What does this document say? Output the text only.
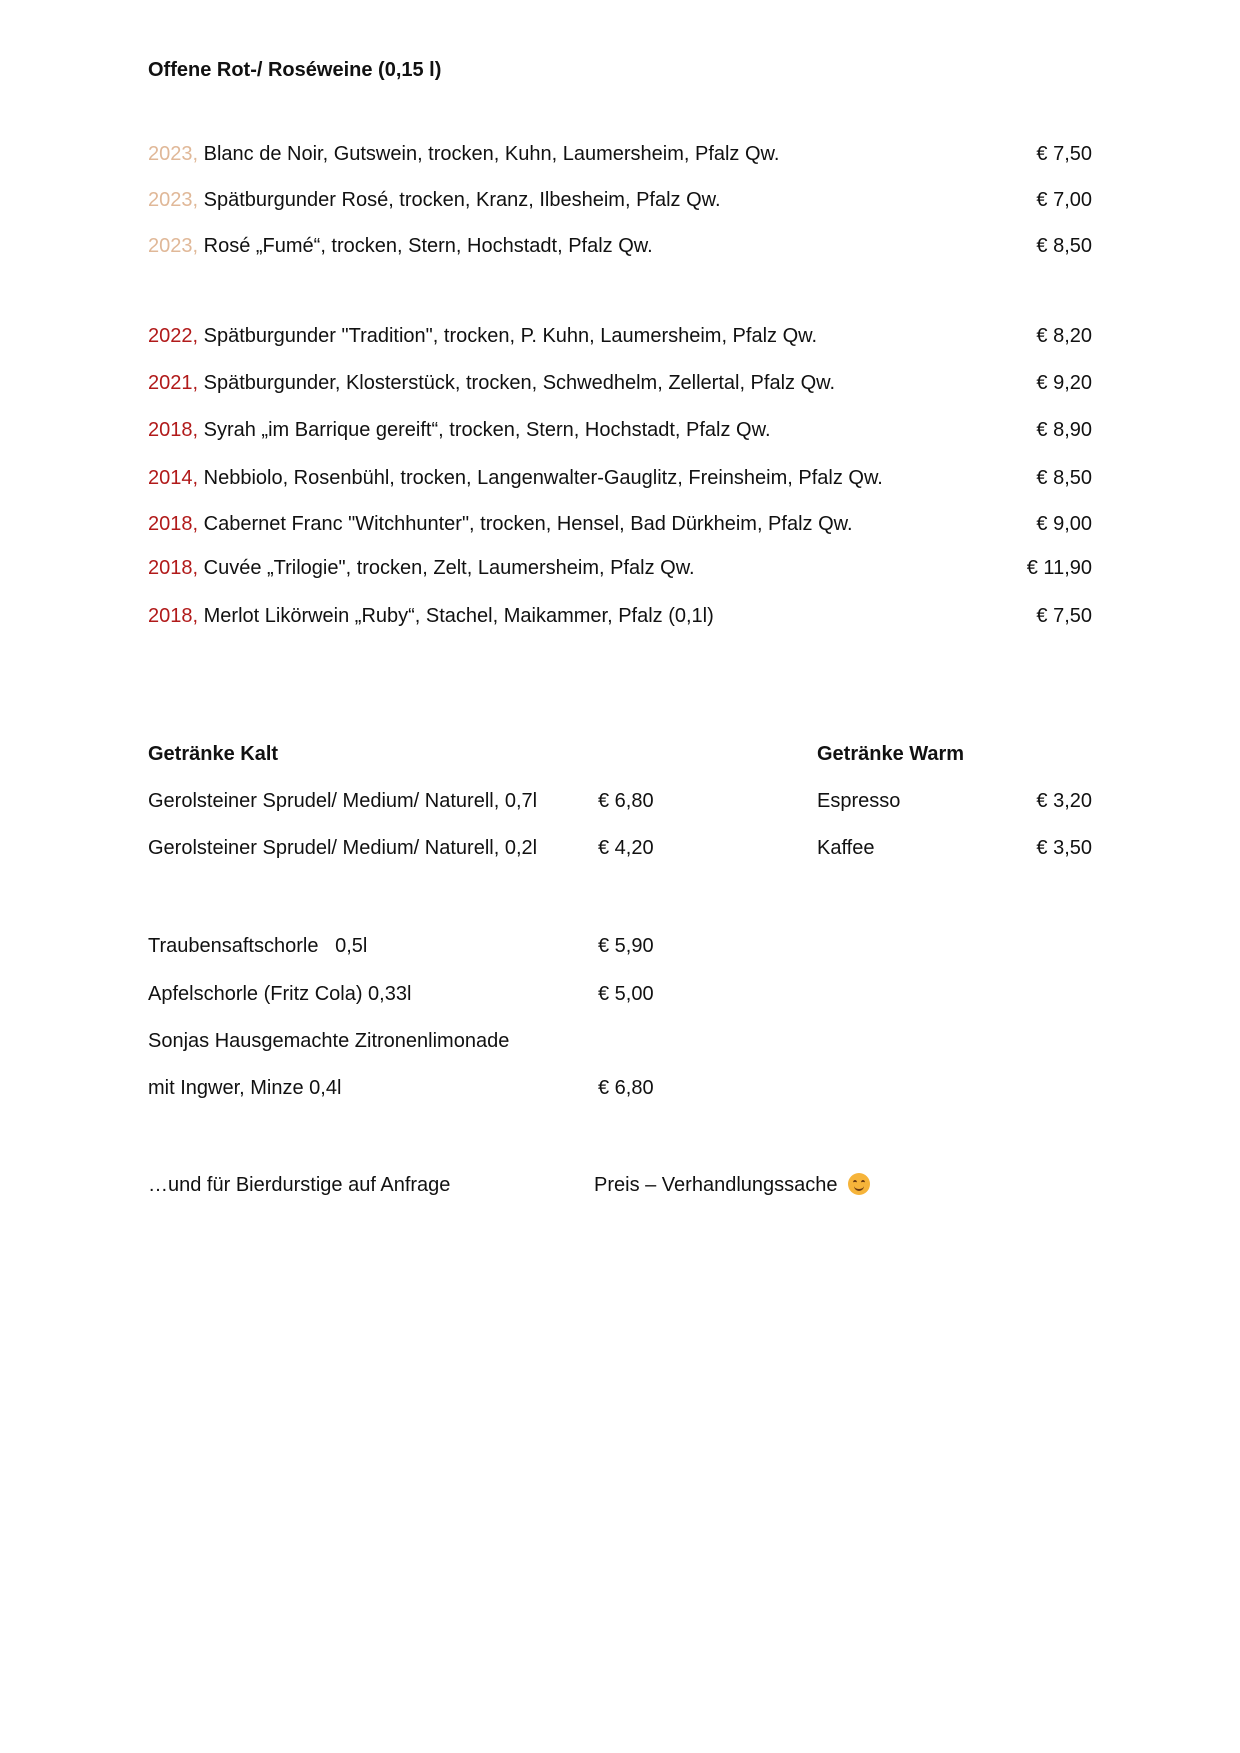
Offene Rot-/ Roséweine (0,15 l)
2023, Blanc de Noir, Gutswein, trocken, Kuhn, Laumersheim, Pfalz Qw.	€ 7,50
2023, Spätburgunder Rosé, trocken, Kranz, Ilbesheim, Pfalz Qw.	€ 7,00
2023, Rosé „Fumé“, trocken, Stern, Hochstadt, Pfalz Qw.	€ 8,50
2022, Spätburgunder "Tradition", trocken, P. Kuhn, Laumersheim, Pfalz Qw.	€ 8,20
2021, Spätburgunder, Klosterstück, trocken, Schwedhelm, Zellertal, Pfalz Qw.	€ 9,20
2018, Syrah „im Barrique gereift“, trocken, Stern, Hochstadt, Pfalz Qw.	€ 8,90
2014, Nebbiolo, Rosenbühl, trocken, Langenwalter-Gauglitz, Freinsheim, Pfalz Qw.	€ 8,50
2018, Cabernet Franc "Witchhunter", trocken, Hensel, Bad Dürkheim, Pfalz Qw.	€ 9,00
2018, Cuvée „Trilogie", trocken, Zelt, Laumersheim, Pfalz Qw.	€ 11,90
2018, Merlot Likörwein „Ruby“, Stachel, Maikammer, Pfalz (0,1l)	€ 7,50
Getränke Kalt
Gerolsteiner Sprudel/ Medium/ Naturell, 0,7l	€ 6,80
Gerolsteiner Sprudel/ Medium/ Naturell, 0,2l	€ 4,20
Traubensaftschorle   0,5l	€ 5,90
Apfelschorle (Fritz Cola) 0,33l	€ 5,00
Sonjas Hausgemachte Zitronenlimonade
mit Ingwer, Minze 0,4l	€ 6,80
Getränke Warm
Espresso	€ 3,20
Kaffee	€ 3,50
…und für Bierdurstige auf Anfrage	Preis – Verhandlungssache
